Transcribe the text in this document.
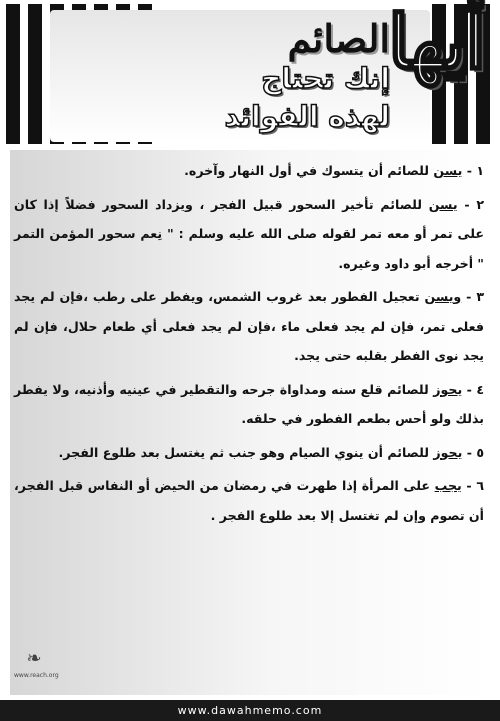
أيها
الصائم
إنك تحتاج
لهذه الفوائد

١ - يسن للصائم أن يتسوك في أول النهار وآخره.

٢ - يسن للصائم تأخير السحور قبيل الفجر ، ويزداد السحور فضلاً إذا كان على تمر أو معه تمر لقوله صلى الله عليه وسلم : " نِعم سحور المؤمن التمر " أخرجه أبو داود وغيره.

٣ - ويسن تعجيل الفطور بعد غروب الشمس، ويفطر على رطب ،فإن لم يجد فعلى تمر، فإن لم يجد فعلى ماء ،فإن لم يجد فعلى أي طعام حلال، فإن لم يجد نوى الفطر بقلبه حتى يجد.

٤ - يجوز للصائم قلع سنه ومداواة جرحه والتقطير في عينيه وأذنيه، ولا يفطر بذلك ولو أحس بطعم الفطور في حلقه.

٥ - يجوز للصائم أن ينوي الصيام وهو جنب ثم يغتسل بعد طلوع الفجر.

٦ - يجب على المرأة إذا طهرت في رمضان من الحيض أو النفاس قبل الفجر، أن تصوم وإن لم تغتسل إلا بعد طلوع الفجر .

❧
www.reach.org
www.dawahmemo.com
